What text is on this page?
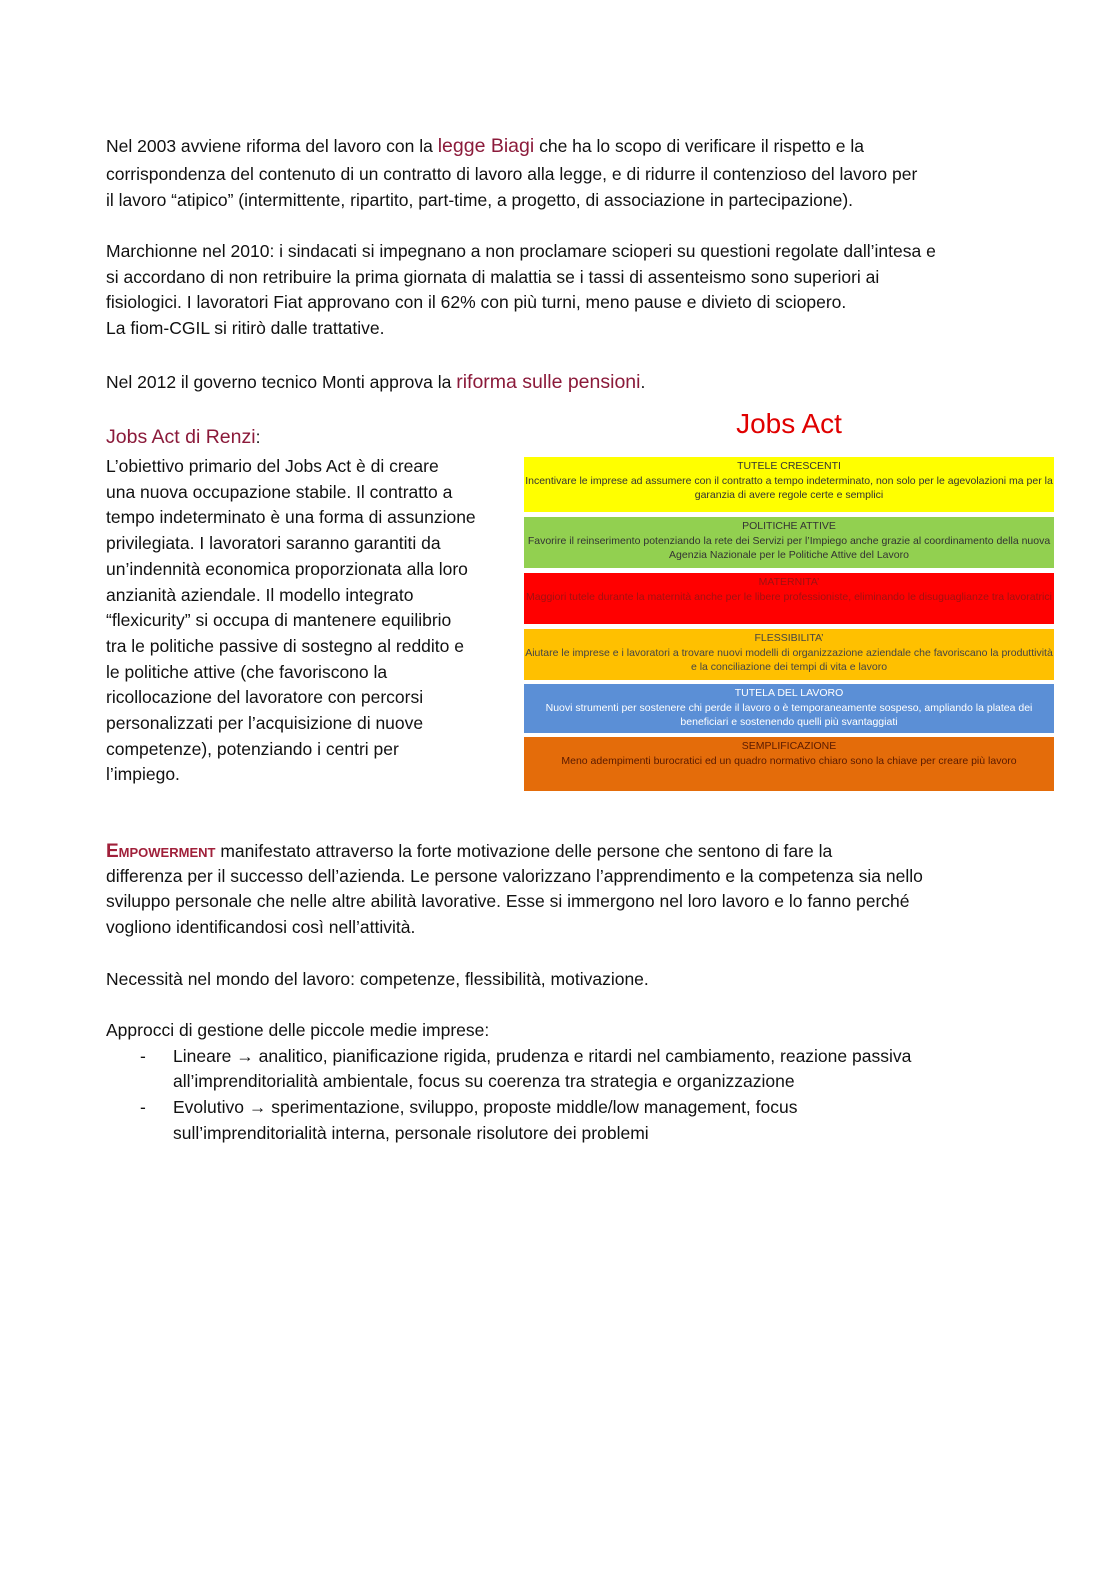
Nel 2003 avviene riforma del lavoro con la legge Biagi che ha lo scopo di verificare il rispetto e la
corrispondenza del contenuto di un contratto di lavoro alla legge, e di ridurre il contenzioso del lavoro per
il lavoro “atipico” (intermittente, ripartito, part-time, a progetto, di associazione in partecipazione).
Marchionne nel 2010: i sindacati si impegnano a non proclamare scioperi su questioni regolate dall’intesa e
si accordano di non retribuire la prima giornata di malattia se i tassi di assenteismo sono superiori ai
fisiologici. I lavoratori Fiat approvano con il 62% con più turni, meno pause e divieto di sciopero.
La fiom-CGIL si ritirò dalle trattative.
Nel 2012 il governo tecnico Monti approva la riforma sulle pensioni.
Jobs Act di Renzi:
L’obiettivo primario del Jobs Act è di creare
una nuova occupazione stabile. Il contratto a
tempo indeterminato è una forma di assunzione
privilegiata. I lavoratori saranno garantiti da
un’indennità economica proporzionata alla loro
anzianità aziendale. Il modello integrato
“flexicurity” si occupa di mantenere equilibrio
tra le politiche passive di sostegno al reddito e
le politiche attive (che favoriscono la
ricollocazione del lavoratore con percorsi
personalizzati per l’acquisizione di nuove
competenze), potenziando i centri per
l’impiego.
Jobs Act
TUTELE CRESCENTI
Incentivare le imprese ad assumere con il contratto a tempo indeterminato, non solo per le agevolazioni ma per la garanzia di avere regole certe e semplici
POLITICHE ATTIVE
Favorire il reinserimento potenziando la rete dei Servizi per l’Impiego anche grazie al coordinamento della nuova Agenzia Nazionale per le Politiche Attive del Lavoro
MATERNITA’
Maggiori tutele durante la maternità anche per le libere professioniste, eliminando le disuguaglianze tra lavoratrici
FLESSIBILITA’
Aiutare le imprese e i lavoratori a trovare nuovi modelli di organizzazione aziendale che favoriscano la produttività e la conciliazione dei tempi di vita e lavoro
TUTELA DEL LAVORO
Nuovi strumenti per sostenere chi perde il lavoro o è temporaneamente sospeso, ampliando la platea dei beneficiari e sostenendo quelli più svantaggiati
SEMPLIFICAZIONE
Meno adempimenti burocratici ed un quadro normativo chiaro sono la chiave per creare più lavoro
Empowerment manifestato attraverso la forte motivazione delle persone che sentono di fare la
differenza per il successo dell’azienda. Le persone valorizzano l’apprendimento e la competenza sia nello
sviluppo personale che nelle altre abilità lavorative. Esse si immergono nel loro lavoro e lo fanno perché
vogliono identificandosi così nell’attività.
Necessità nel mondo del lavoro: competenze, flessibilità, motivazione.
Approcci di gestione delle piccole medie imprese:
- Lineare → analitico, pianificazione rigida, prudenza e ritardi nel cambiamento, reazione passiva
all’imprenditorialità ambientale, focus su coerenza tra strategia e organizzazione
- Evolutivo → sperimentazione, sviluppo, proposte middle/low management, focus
sull’imprenditorialità interna, personale risolutore dei problemi
